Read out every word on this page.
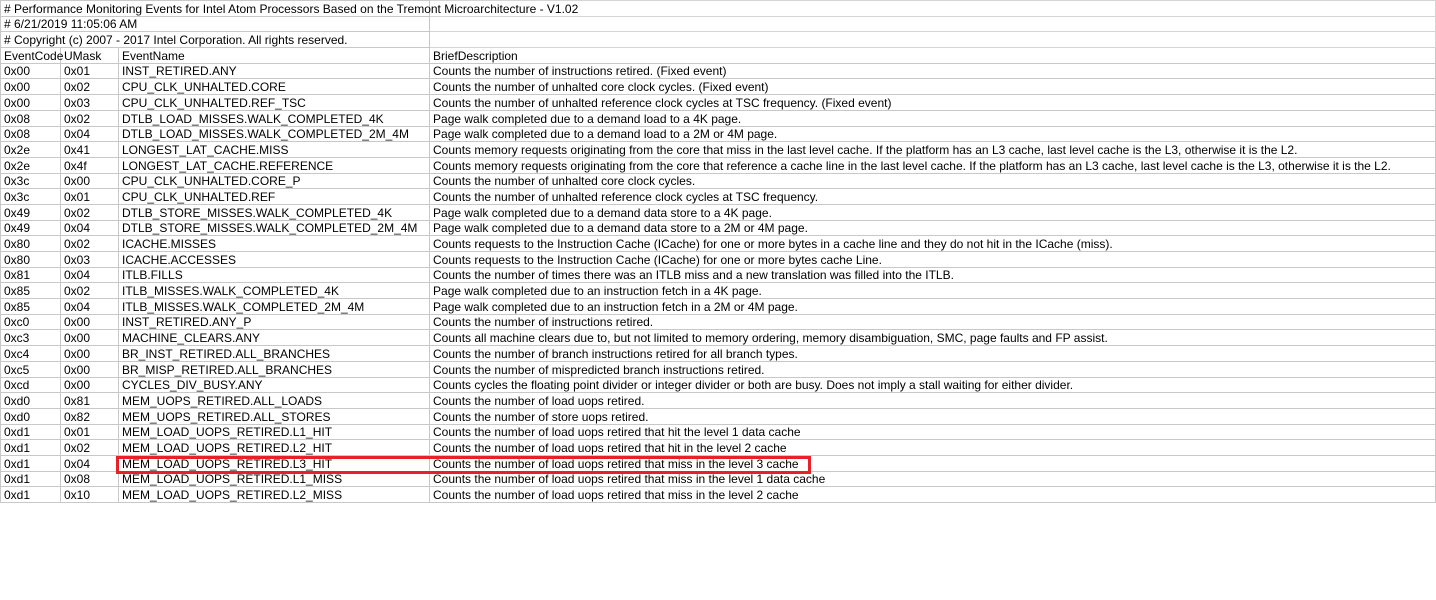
# Performance Monitoring Events for Intel Atom Processors Based on the Tremont Microarchitecture - V1.02			
# 6/21/2019 11:05:06 AM			
# Copyright (c) 2007 - 2017 Intel Corporation. All rights reserved.			
EventCode	UMask	EventName	BriefDescription
0x00	0x01	INST_RETIRED.ANY	Counts the number of instructions retired. (Fixed event)
0x00	0x02	CPU_CLK_UNHALTED.CORE	Counts the number of unhalted core clock cycles. (Fixed event)
0x00	0x03	CPU_CLK_UNHALTED.REF_TSC	Counts the number of unhalted reference clock cycles at TSC frequency. (Fixed event)
0x08	0x02	DTLB_LOAD_MISSES.WALK_COMPLETED_4K	Page walk completed due to a demand load to a 4K page.
0x08	0x04	DTLB_LOAD_MISSES.WALK_COMPLETED_2M_4M	Page walk completed due to a demand load to a 2M or 4M page.
0x2e	0x41	LONGEST_LAT_CACHE.MISS	Counts memory requests originating from the core that miss in the last level cache. If the platform has an L3 cache, last level cache is the L3, otherwise it is the L2.
0x2e	0x4f	LONGEST_LAT_CACHE.REFERENCE	Counts memory requests originating from the core that reference a cache line in the last level cache. If the platform has an L3 cache, last level cache is the L3, otherwise it is the L2.
0x3c	0x00	CPU_CLK_UNHALTED.CORE_P	Counts the number of unhalted core clock cycles.
0x3c	0x01	CPU_CLK_UNHALTED.REF	Counts the number of unhalted reference clock cycles at TSC frequency.
0x49	0x02	DTLB_STORE_MISSES.WALK_COMPLETED_4K	Page walk completed due to a demand data store to a 4K page.
0x49	0x04	DTLB_STORE_MISSES.WALK_COMPLETED_2M_4M	Page walk completed due to a demand data store to a 2M or 4M page.
0x80	0x02	ICACHE.MISSES	Counts requests to the Instruction Cache (ICache) for one or more bytes in a cache line and they do not hit in the ICache (miss).
0x80	0x03	ICACHE.ACCESSES	Counts requests to the Instruction Cache (ICache) for one or more bytes cache Line.
0x81	0x04	ITLB.FILLS	Counts the number of times there was an ITLB miss and a new translation was filled into the ITLB.
0x85	0x02	ITLB_MISSES.WALK_COMPLETED_4K	Page walk completed due to an instruction fetch in a 4K page.
0x85	0x04	ITLB_MISSES.WALK_COMPLETED_2M_4M	Page walk completed due to an instruction fetch in a 2M or 4M page.
0xc0	0x00	INST_RETIRED.ANY_P	Counts the number of instructions retired.
0xc3	0x00	MACHINE_CLEARS.ANY	Counts all machine clears due to, but not limited to memory ordering, memory disambiguation, SMC, page faults and FP assist.
0xc4	0x00	BR_INST_RETIRED.ALL_BRANCHES	Counts the number of branch instructions retired for all branch types.
0xc5	0x00	BR_MISP_RETIRED.ALL_BRANCHES	Counts the number of mispredicted branch instructions retired.
0xcd	0x00	CYCLES_DIV_BUSY.ANY	Counts cycles the floating point divider or integer divider or both are busy. Does not imply a stall waiting for either divider.
0xd0	0x81	MEM_UOPS_RETIRED.ALL_LOADS	Counts the number of load uops retired.
0xd0	0x82	MEM_UOPS_RETIRED.ALL_STORES	Counts the number of store uops retired.
0xd1	0x01	MEM_LOAD_UOPS_RETIRED.L1_HIT	Counts the number of load uops retired that hit the level 1 data cache
0xd1	0x02	MEM_LOAD_UOPS_RETIRED.L2_HIT	Counts the number of load uops retired that hit in the level 2 cache
0xd1	0x04	MEM_LOAD_UOPS_RETIRED.L3_HIT	Counts the number of load uops retired that miss in the level 3 cache
0xd1	0x08	MEM_LOAD_UOPS_RETIRED.L1_MISS	Counts the number of load uops retired that miss in the level 1 data cache
0xd1	0x10	MEM_LOAD_UOPS_RETIRED.L2_MISS	Counts the number of load uops retired that miss in the level 2 cache
